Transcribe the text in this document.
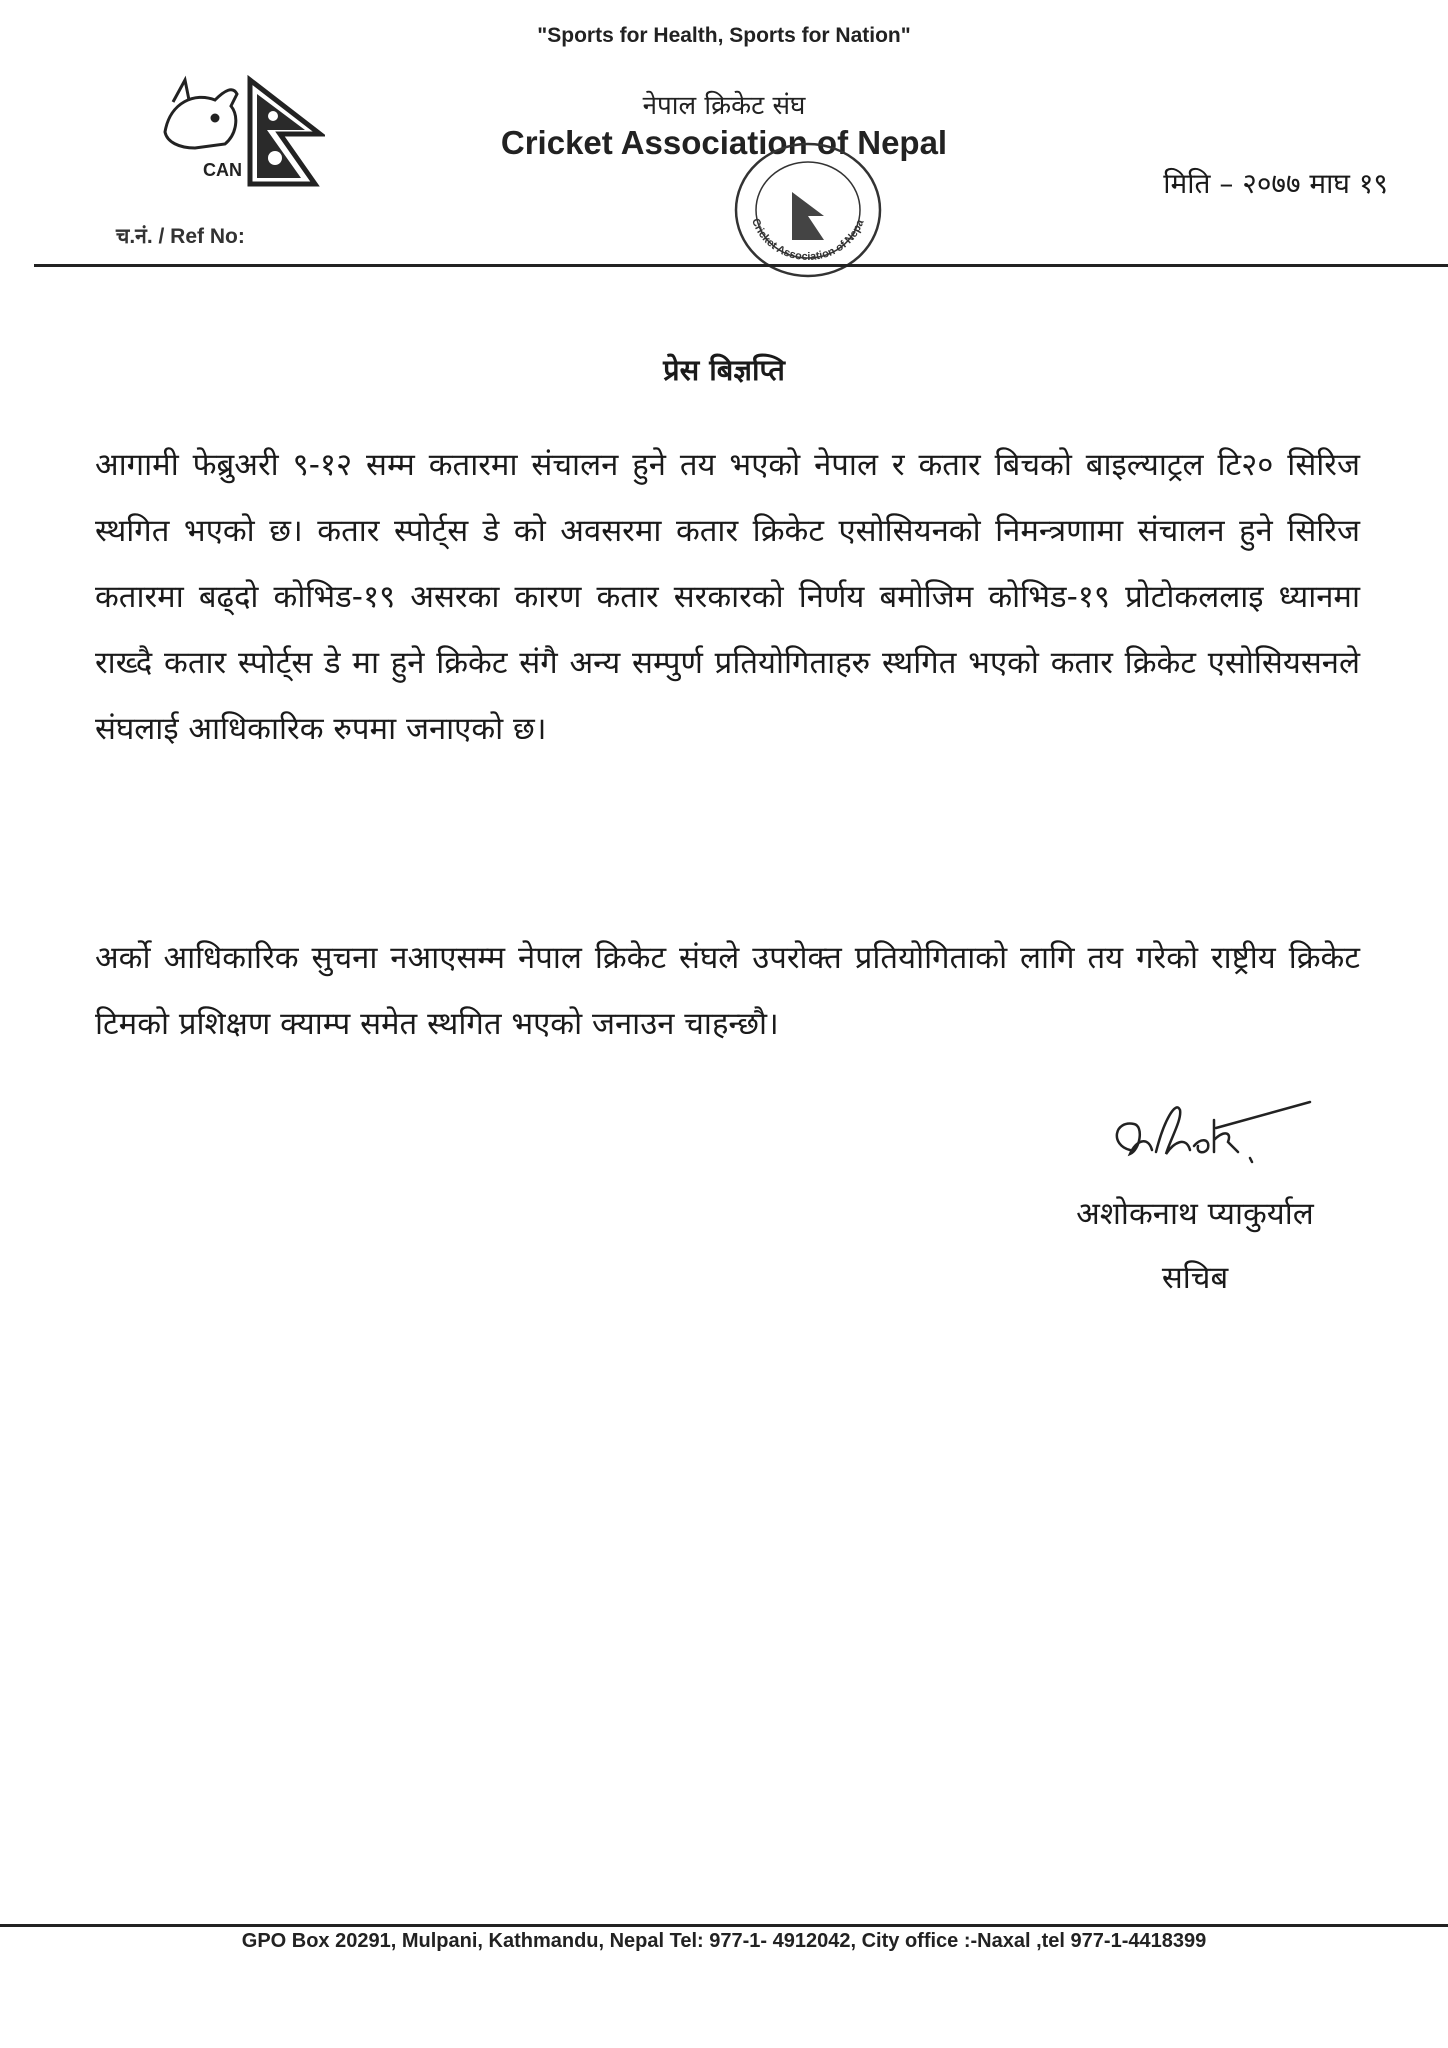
"Sports for Health, Sports for Nation"
नेपाल क्रिकेट संघ
Cricket Association of Nepal
CAN
Cricket Association of Nepa
मिति – २०७७ माघ १९
च.नं. / Ref No:
प्रेस बिज्ञप्ति
आगामी फेब्रुअरी ९-१२ सम्म कतारमा संचालन हुने तय भएको नेपाल र कतार बिचको बाइल्याट्रल टि२० सिरिज स्थगित भएको छ। कतार स्पोर्ट्स डे को अवसरमा कतार क्रिकेट एसोसियनको निमन्त्रणामा संचालन हुने सिरिज कतारमा बढ्दो कोभिड-१९ असरका कारण कतार सरकारको निर्णय बमोजिम कोभिड-१९ प्रोटोकललाइ ध्यानमा राख्दै कतार स्पोर्ट्स डे मा हुने क्रिकेट संगै अन्य सम्पुर्ण प्रतियोगिताहरु स्थगित भएको कतार क्रिकेट एसोसियसनले संघलाई आधिकारिक रुपमा जनाएको छ।
अर्को आधिकारिक सुचना नआएसम्म नेपाल क्रिकेट संघले उपरोक्त प्रतियोगिताको लागि तय गरेको राष्ट्रीय क्रिकेट टिमको प्रशिक्षण क्याम्प समेत स्थगित भएको जनाउन चाहन्छौ।
अशोकनाथ प्याकुर्याल
सचिब
GPO Box 20291, Mulpani, Kathmandu, Nepal Tel: 977-1- 4912042, City office :-Naxal ,tel 977-1-4418399
